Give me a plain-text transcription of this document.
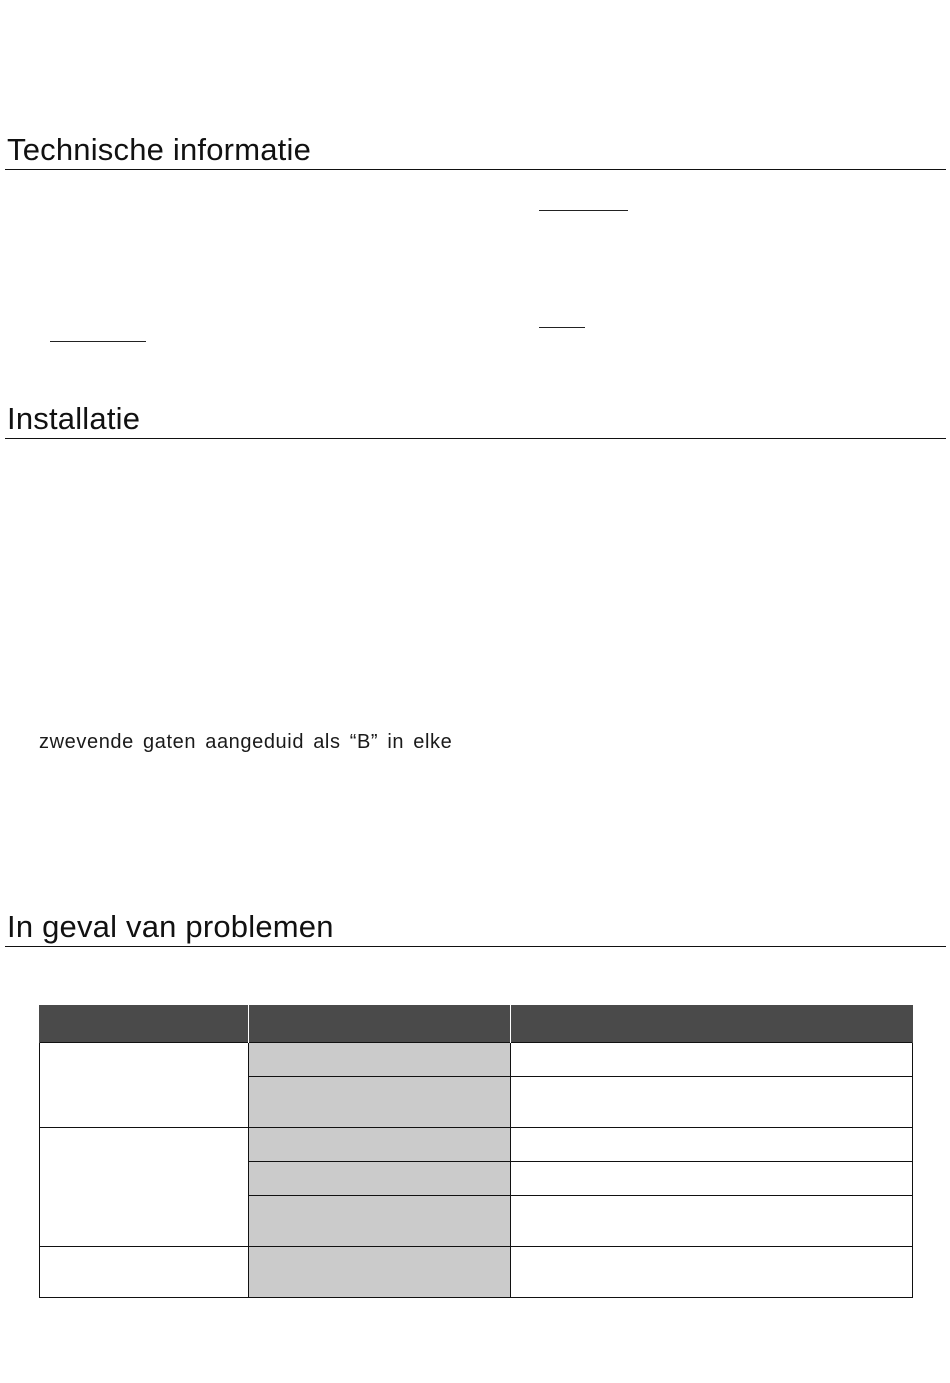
Technische informatie
Installatie

zwevende gaten aangeduid als “B” in elke

In geval van problemen
